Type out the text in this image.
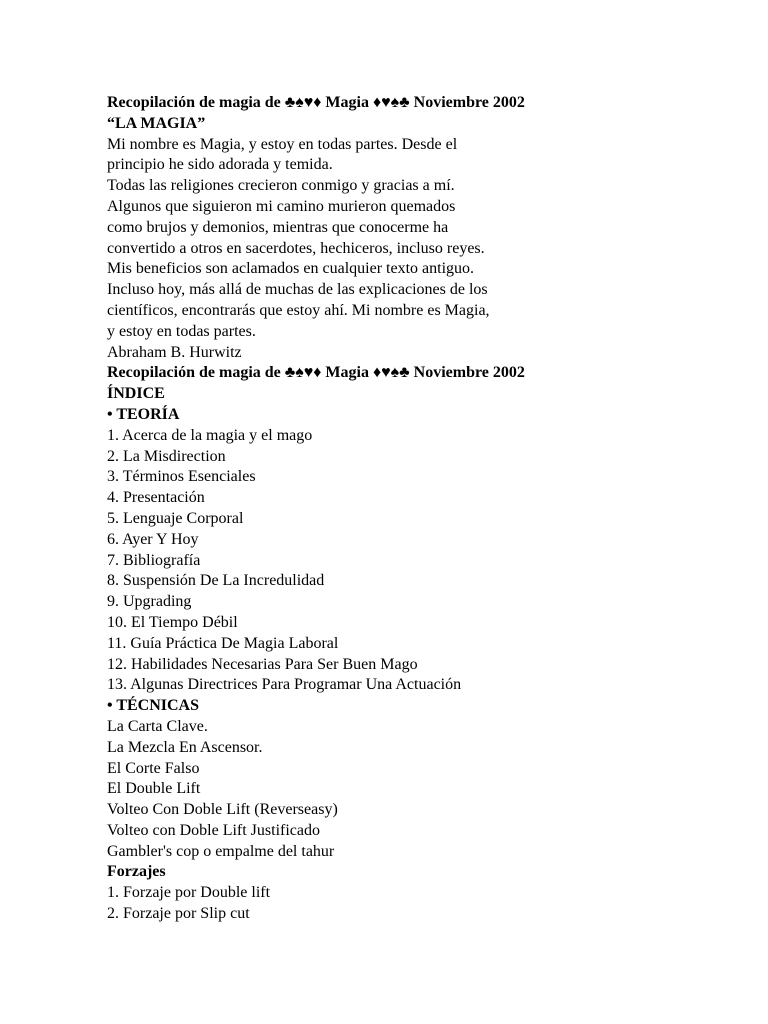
Recopilación de magia de ♣♠♥♦ Magia ♦♥♠♣ Noviembre 2002
“LA MAGIA”
Mi nombre es Magia, y estoy en todas partes. Desde el
principio he sido adorada y temida.
Todas las religiones crecieron conmigo y gracias a mí.
Algunos que siguieron mi camino murieron quemados
como brujos y demonios, mientras que conocerme ha
convertido a otros en sacerdotes, hechiceros, incluso reyes.
Mis beneficios son aclamados en cualquier texto antiguo.
Incluso hoy, más allá de muchas de las explicaciones de los
científicos, encontrarás que estoy ahí. Mi nombre es Magia,
y estoy en todas partes.
Abraham B. Hurwitz
Recopilación de magia de ♣♠♥♦ Magia ♦♥♠♣ Noviembre 2002
ÍNDICE
• TEORÍA
1. Acerca de la magia y el mago
2. La Misdirection
3. Términos Esenciales
4. Presentación
5. Lenguaje Corporal
6. Ayer Y Hoy
7. Bibliografía
8. Suspensión De La Incredulidad
9. Upgrading
10. El Tiempo Débil
11. Guía Práctica De Magia Laboral
12. Habilidades Necesarias Para Ser Buen Mago
13. Algunas Directrices Para Programar Una Actuación
• TÉCNICAS
La Carta Clave.
La Mezcla En Ascensor.
El Corte Falso
El Double Lift
Volteo Con Doble Lift (Reverseasy)
Volteo con Doble Lift Justificado
Gambler's cop o empalme del tahur
Forzajes
1. Forzaje por Double lift
2. Forzaje por Slip cut
